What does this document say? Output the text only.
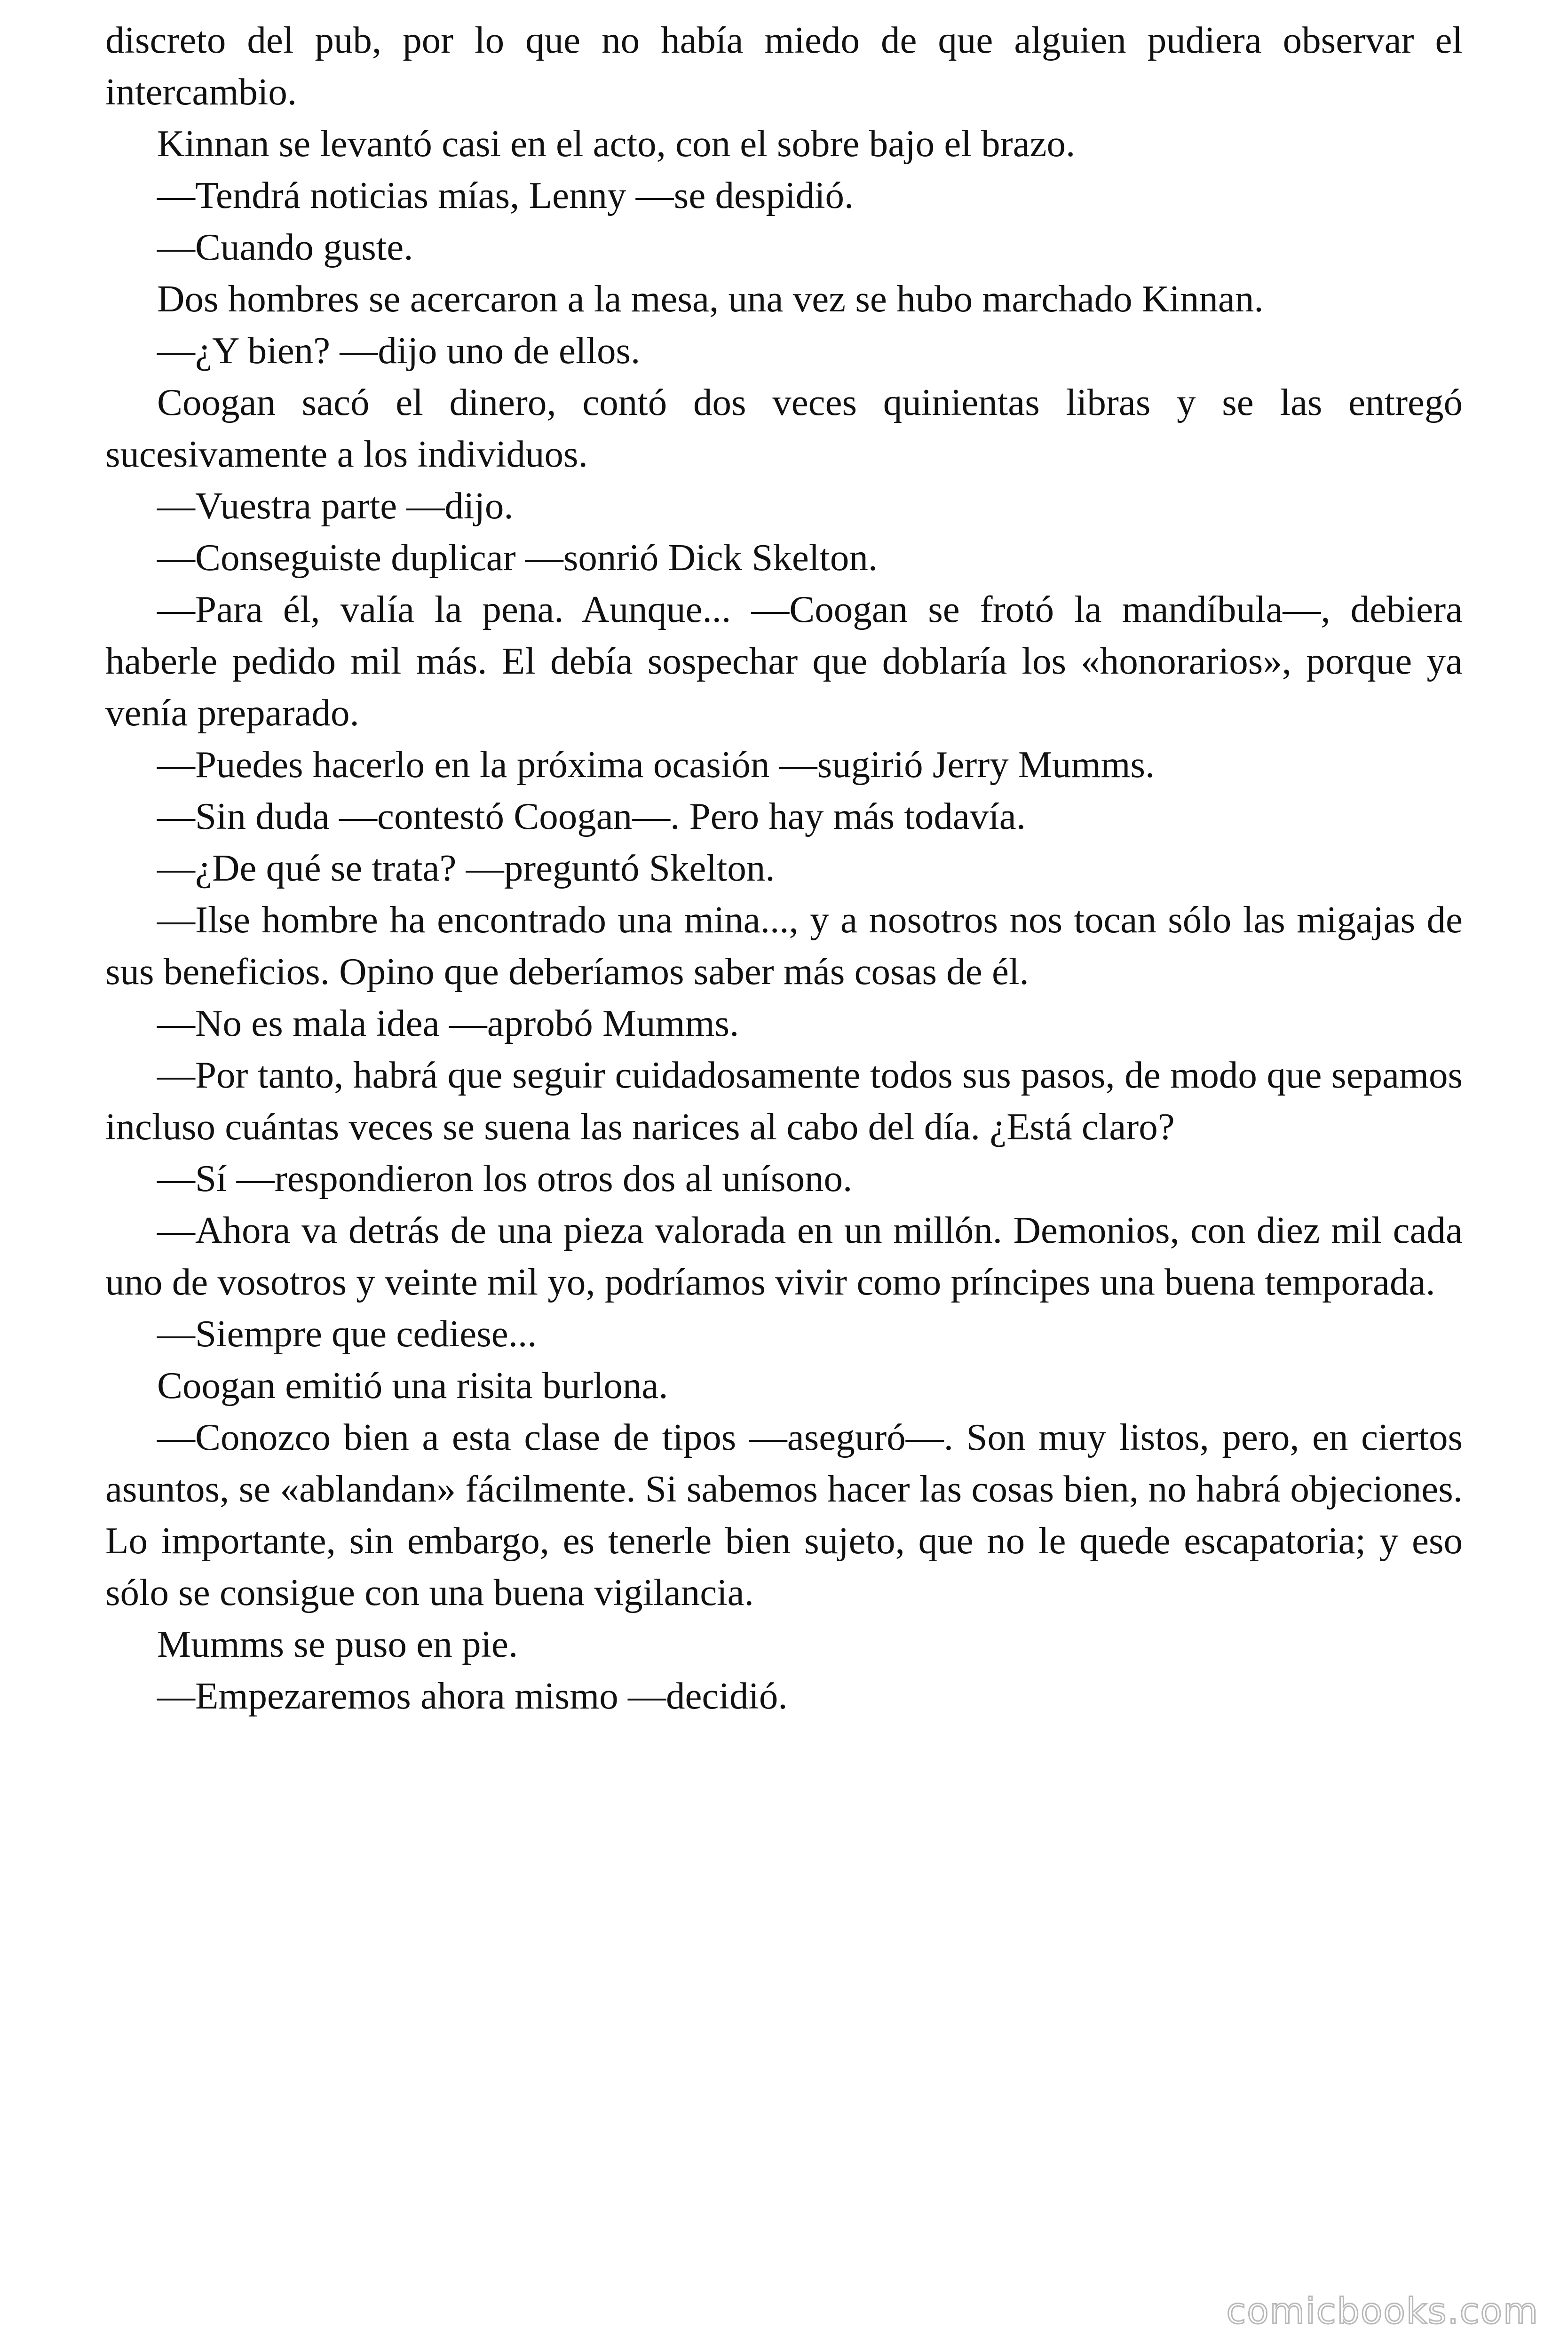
discreto del pub, por lo que no había miedo de que alguien pudiera observar el intercambio.

Kinnan se levantó casi en el acto, con el sobre bajo el brazo.

—Tendrá noticias mías, Lenny —se despidió.

—Cuando guste.

Dos hombres se acercaron a la mesa, una vez se hubo marchado Kinnan.

—¿Y bien? —dijo uno de ellos.

Coogan sacó el dinero, contó dos veces quinientas libras y se las entregó sucesivamente a los individuos.

—Vuestra parte —dijo.

—Conseguiste duplicar —sonrió Dick Skelton.

—Para él, valía la pena. Aunque... —Coogan se frotó la mandíbula—, debiera haberle pedido mil más. El debía sospechar que doblaría los «honorarios», porque ya venía preparado.

—Puedes hacerlo en la próxima ocasión —sugirió Jerry Mumms.

—Sin duda —contestó Coogan—. Pero hay más todavía.

—¿De qué se trata? —preguntó Skelton.

—Ilse hombre ha encontrado una mina..., y a nosotros nos tocan sólo las migajas de sus beneficios. Opino que deberíamos saber más cosas de él.

—No es mala idea —aprobó Mumms.

—Por tanto, habrá que seguir cuidadosamente todos sus pasos, de modo que sepamos incluso cuántas veces se suena las narices al cabo del día. ¿Está claro?

—Sí —respondieron los otros dos al unísono.

—Ahora va detrás de una pieza valorada en un millón. Demonios, con diez mil cada uno de vosotros y veinte mil yo, podríamos vivir como príncipes una buena temporada.

—Siempre que cediese...

Coogan emitió una risita burlona.

—Conozco bien a esta clase de tipos —aseguró—. Son muy listos, pero, en ciertos asuntos, se «ablandan» fácilmente. Si sabemos hacer las cosas bien, no habrá objeciones. Lo importante, sin embargo, es tenerle bien sujeto, que no le quede escapatoria; y eso sólo se consigue con una buena vigilancia.

Mumms se puso en pie.

—Empezaremos ahora mismo —decidió.

comicbooks.com
